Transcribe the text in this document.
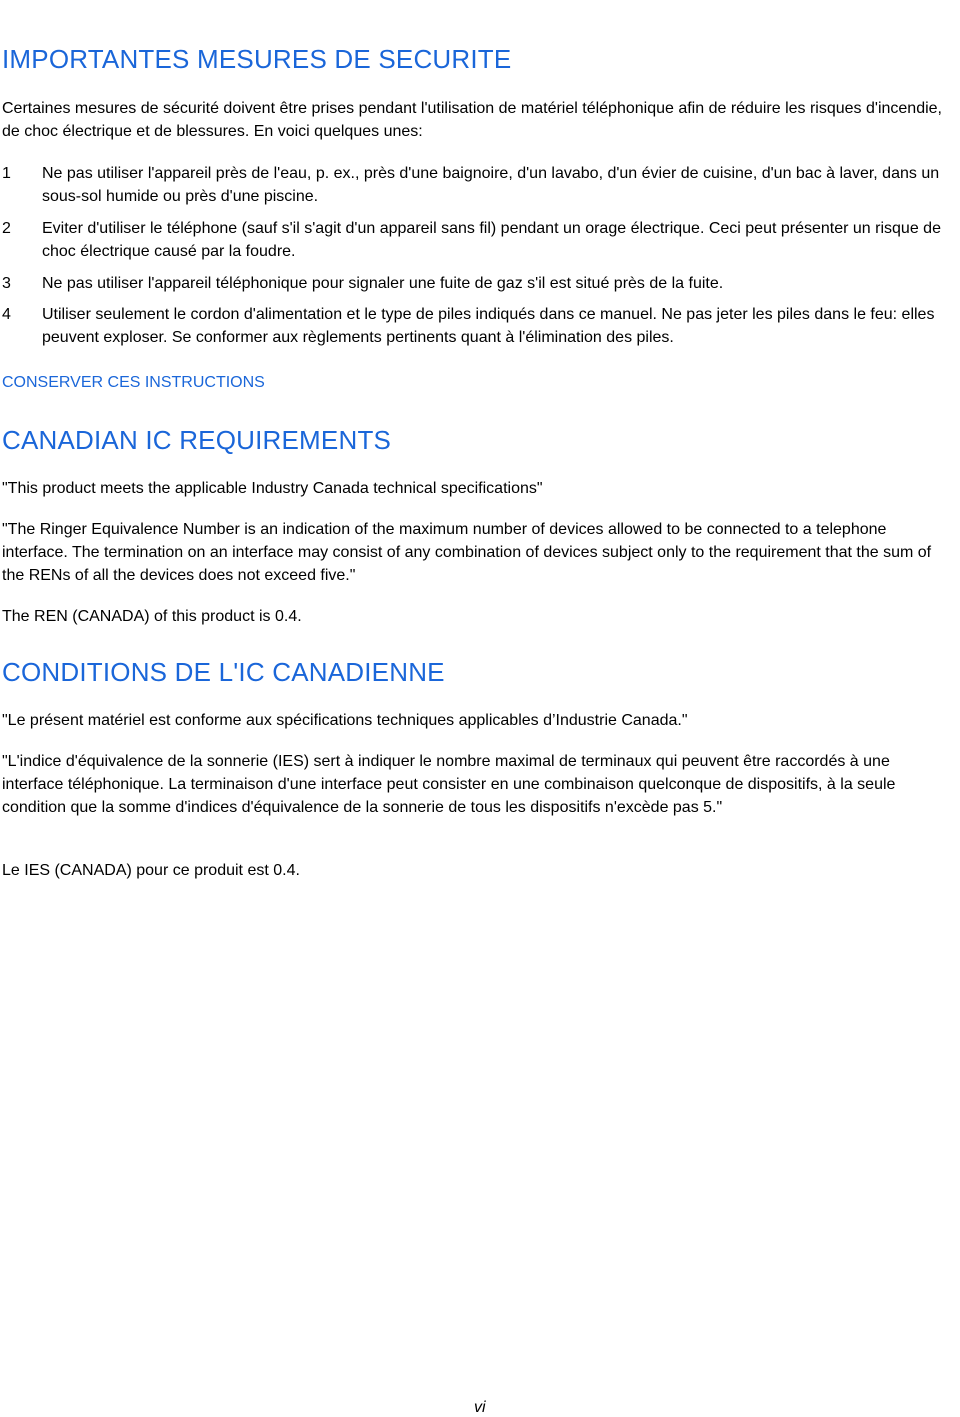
IMPORTANTES MESURES DE SECURITE

Certaines mesures de sécurité doivent être prises pendant l'utilisation de matériel téléphonique afin de réduire les risques d'incendie, de choc électrique et de blessures. En voici quelques unes:

1	Ne pas utiliser l'appareil près de l'eau, p. ex., près d'une baignoire, d'un lavabo, d'un évier de cuisine, d'un bac à laver, dans un sous-sol humide ou près d'une piscine.
2	Eviter d'utiliser le téléphone (sauf s'il s'agit d'un appareil sans fil) pendant un orage électrique. Ceci peut présenter un risque de choc électrique causé par la foudre.
3	Ne pas utiliser l'appareil téléphonique pour signaler une fuite de gaz s'il est situé près de la fuite.
4	Utiliser seulement le cordon d'alimentation et le type de piles indiqués dans ce manuel. Ne pas jeter les piles dans le feu: elles peuvent exploser. Se conformer aux règlements pertinents quant à l'élimination des piles.
CONSERVER CES INSTRUCTIONS
CANADIAN IC REQUIREMENTS

"This product meets the applicable Industry Canada technical specifications"

"The Ringer Equivalence Number is an indication of the maximum number of devices allowed to be connected to a telephone interface. The termination on an interface may consist of any combination of devices subject only to the requirement that the sum of the RENs of all the devices does not exceed five."

The REN (CANADA) of this product is 0.4.

CONDITIONS DE L'IC CANADIENNE

"Le présent matériel est conforme aux spécifications techniques applicables d’Industrie Canada."

"L'indice d'équivalence de la sonnerie (IES) sert à indiquer le nombre maximal de terminaux qui peuvent être raccordés à une interface téléphonique. La terminaison d'une interface peut consister en une combinaison quelconque de dispositifs, à la seule condition que la somme d'indices d'équivalence de la sonnerie de tous les dispositifs n'excède pas 5."

Le IES (CANADA) pour ce produit est 0.4.

vi
